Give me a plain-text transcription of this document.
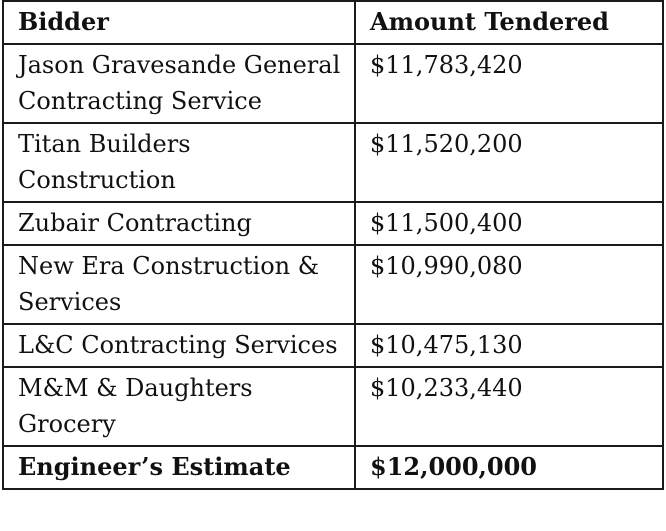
Bidder	Amount Tendered
Jason Gravesande General Contracting Service	$11,783,420
Titan Builders Construction	$11,520,200
Zubair Contracting	$11,500,400
New Era Construction & Services	$10,990,080
L&C Contracting Services	$10,475,130
M&M & Daughters Grocery	$10,233,440
Engineer’s Estimate	$12,000,000
